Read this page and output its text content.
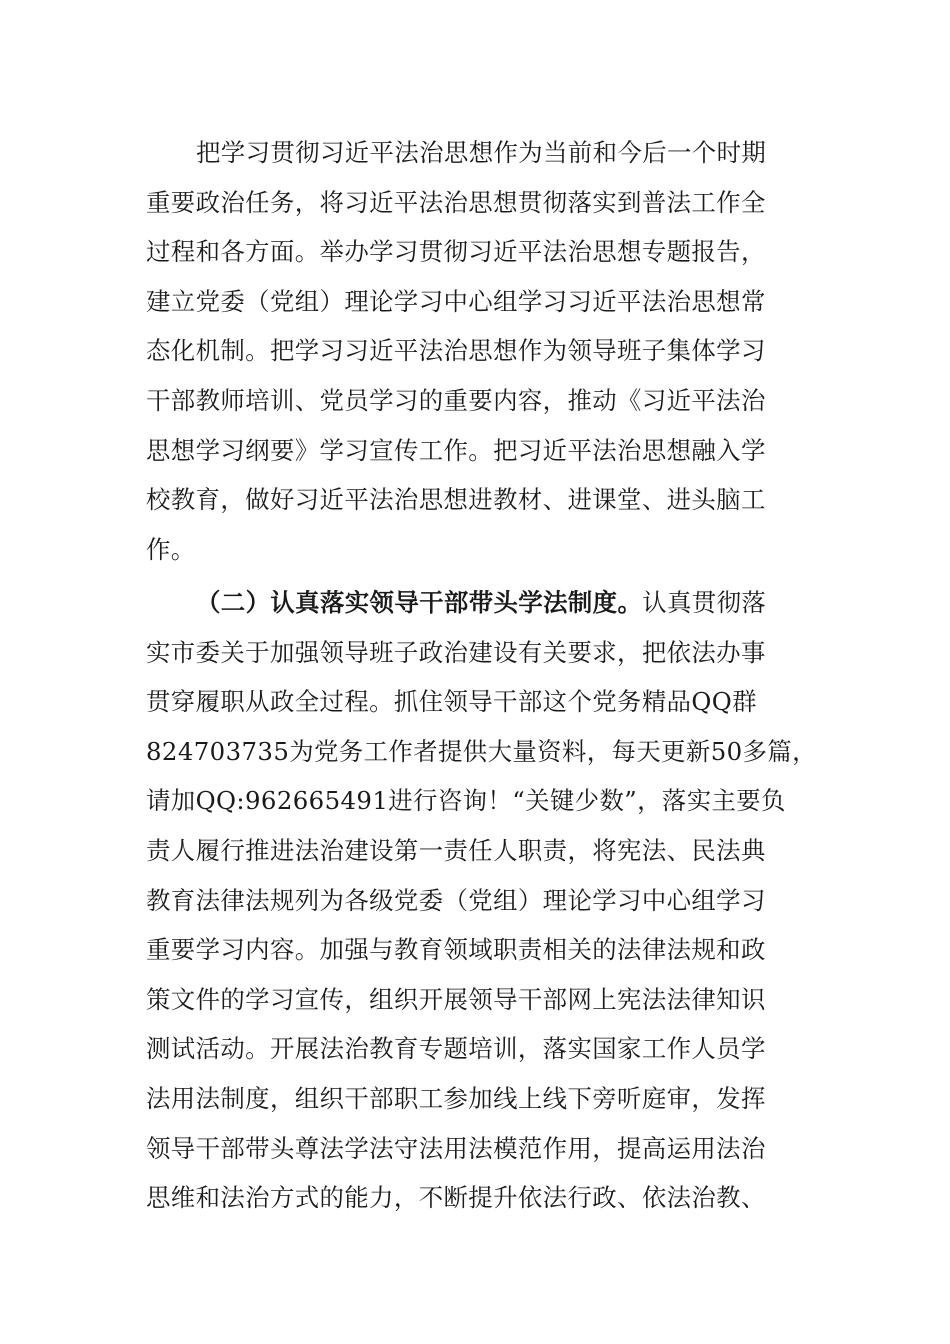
把学习贯彻习近平法治思想作为当前和今后一个时期
重要政治任务，将习近平法治思想贯彻落实到普法工作全
过程和各方面。举办学习贯彻习近平法治思想专题报告，
建立党委（党组）理论学习中心组学习习近平法治思想常
态化机制。把学习习近平法治思想作为领导班子集体学习
干部教师培训、党员学习的重要内容，推动《习近平法治
思想学习纲要》学习宣传工作。把习近平法治思想融入学
校教育，做好习近平法治思想进教材、进课堂、进头脑工
作。
（二）认真落实领导干部带头学法制度。认真贯彻落
实市委关于加强领导班子政治建设有关要求，把依法办事
贯穿履职从政全过程。抓住领导干部这个党务精品QQ群
824703735为党务工作者提供大量资料，每天更新50多篇，
请加QQ:962665491进行咨询！“关键少数”，落实主要负
责人履行推进法治建设第一责任人职责，将宪法、民法典
教育法律法规列为各级党委（党组）理论学习中心组学习
重要学习内容。加强与教育领域职责相关的法律法规和政
策文件的学习宣传，组织开展领导干部网上宪法法律知识
测试活动。开展法治教育专题培训，落实国家工作人员学
法用法制度，组织干部职工参加线上线下旁听庭审，发挥
领导干部带头尊法学法守法用法模范作用，提高运用法治
思维和法治方式的能力，不断提升依法行政、依法治教、
